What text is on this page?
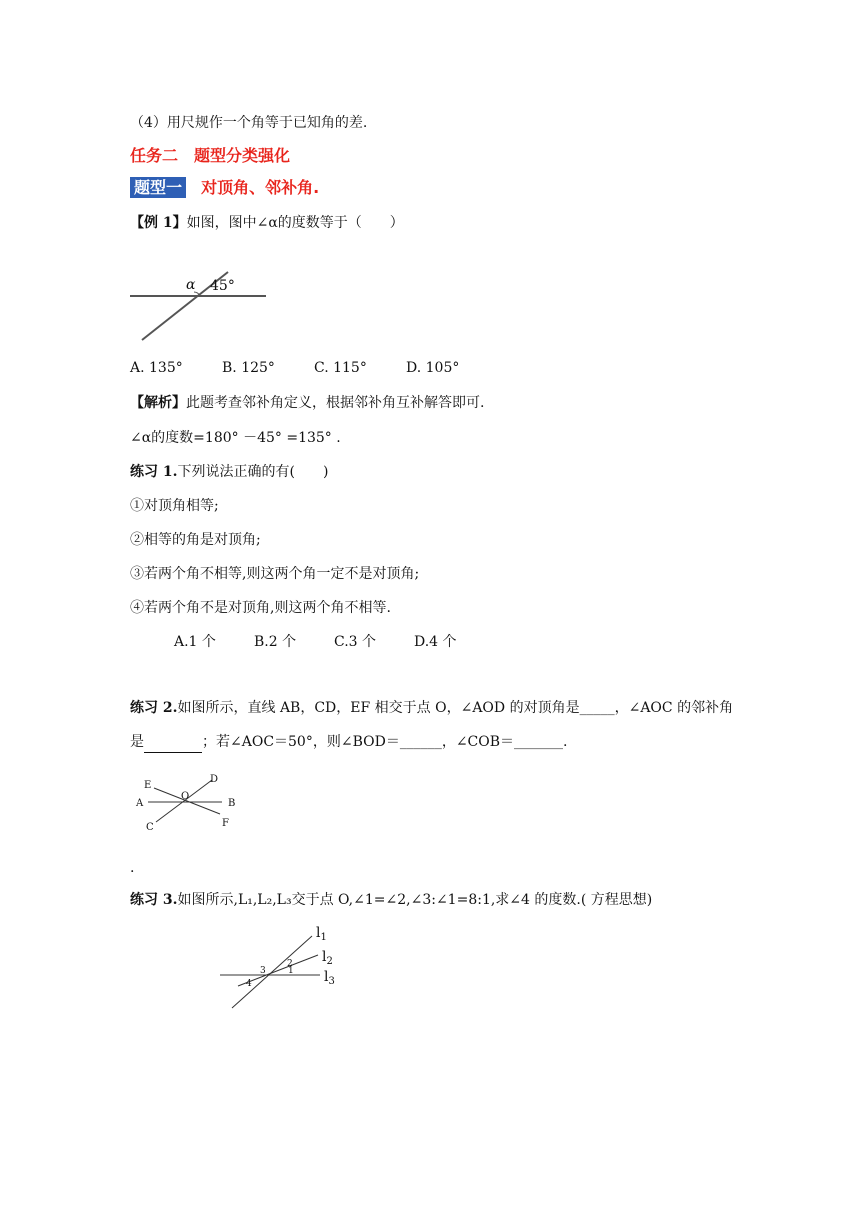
（4）用尺规作一个角等于已知角的差.
任务二　题型分类强化
题型一 对顶角、邻补角.
【例 1】如图，图中∠α的度数等于（　　）
α 45°
A. 135°	B. 125°	C. 115°	D. 105°
【解析】此题考查邻补角定义，根据邻补角互补解答即可.
∠α的度数=180° －45° =135° .
练习 1.下列说法正确的有(　　)
①对顶角相等;
②相等的角是对顶角;
③若两个角不相等,则这两个角一定不是对顶角;
④若两个角不是对顶角,则这两个角不相等.
A.1 个	B.2 个	C.3 个	D.4 个
练习 2.如图所示，直线 AB，CD，EF 相交于点 O，∠AOD 的对顶角是_____，∠AOC 的邻补角
是	；若∠AOC＝50°，则∠BOD＝______，∠COB＝_______.
A	B
C
D
E
F
O
.
练习 3.如图所示,L₁,L₂,L₃交于点 O,∠1=∠2,∠3:∠1=8:1,求∠4 的度数.( 方程思想)
$l_1$
$l_2$
$l_3$
1
2
3
4
